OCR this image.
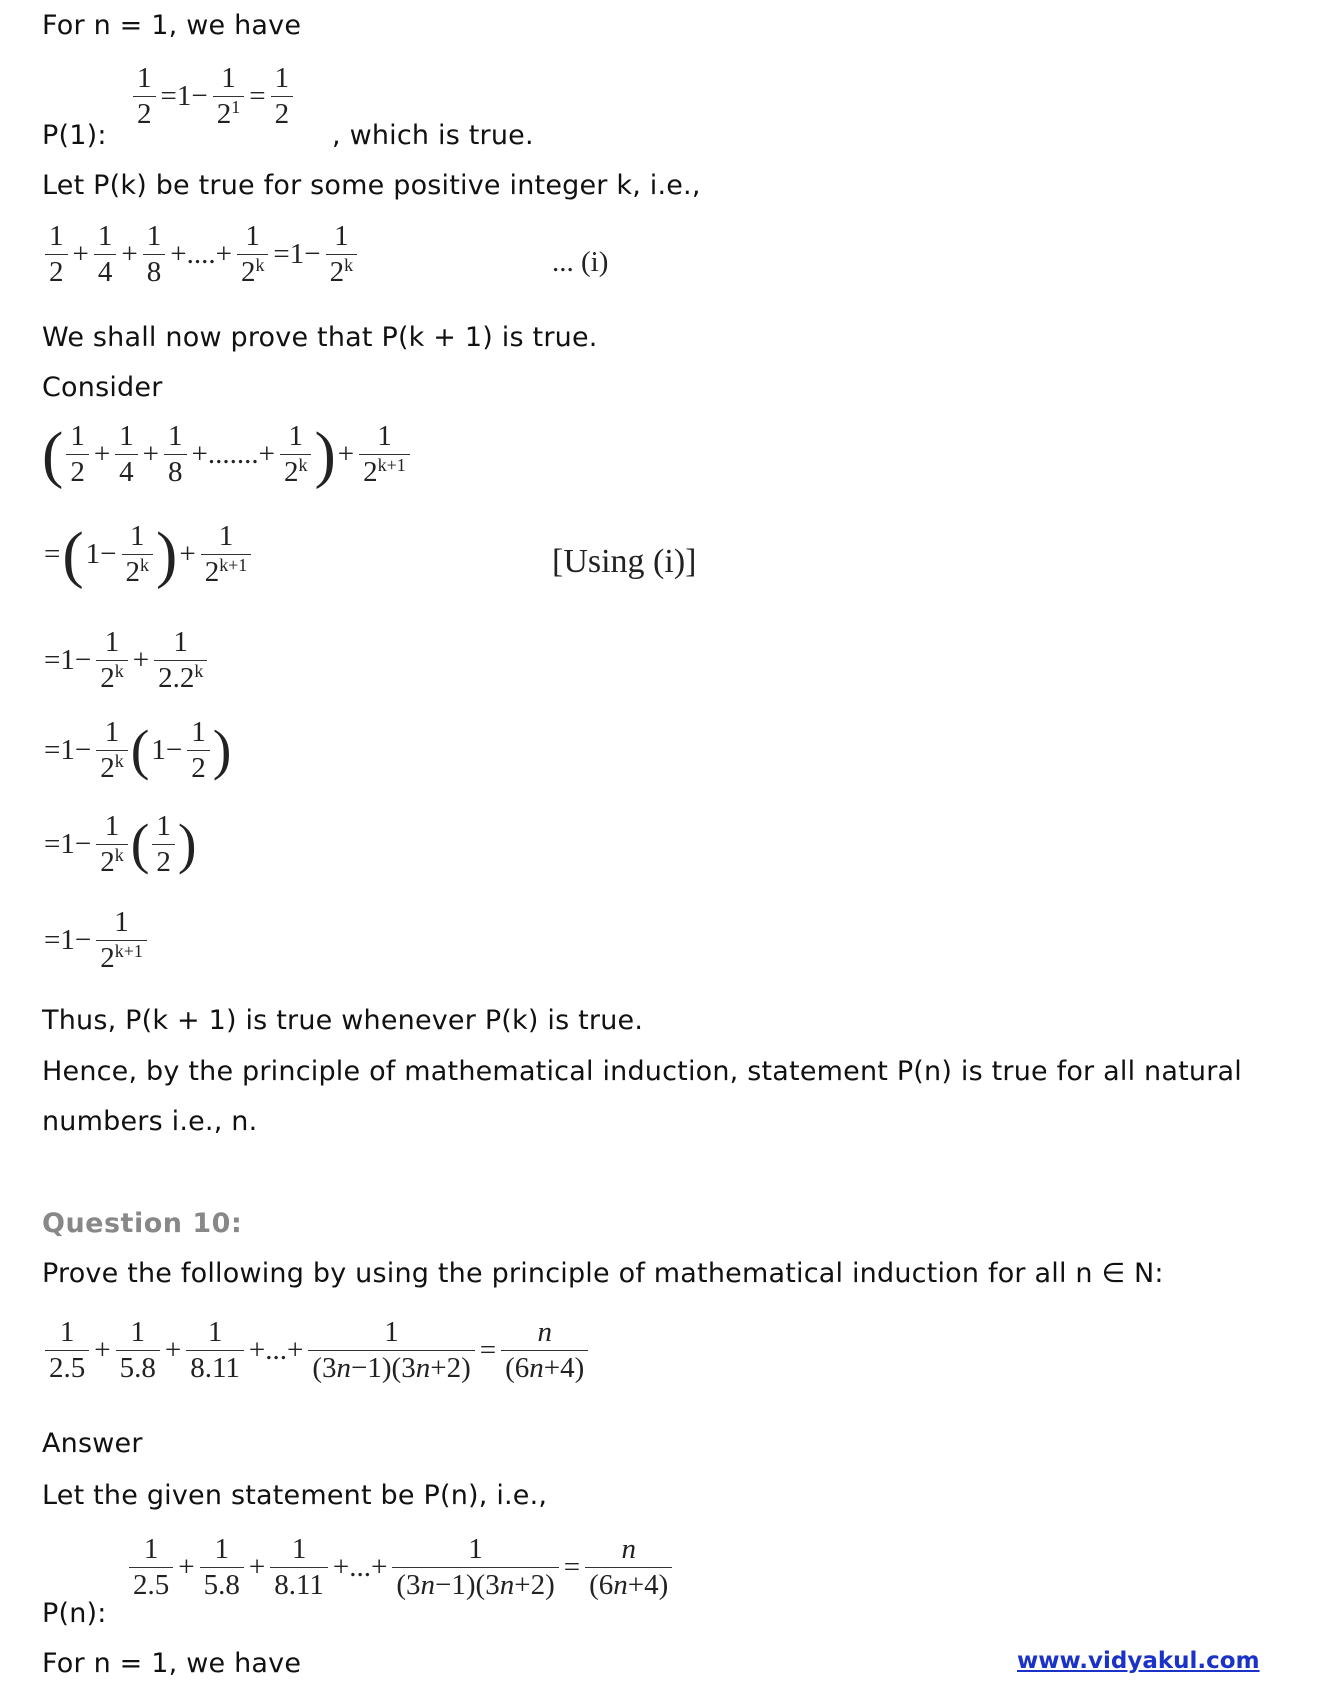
For n = 1, we have
$\frac{1}{2} =1- \frac{1}{2^1} = \frac{1}{2}$
P(1):	, which is true.
Let P(k) be true for some positive integer k, i.e.,
$\frac{1}{2} + \frac{1}{4} + \frac{1}{8}$ +....+ $\frac{1}{2^k} =1- \frac{1}{2^k}$	... (i)
We shall now prove that P(k + 1) is true.
Consider
( $\frac{1}{2} + \frac{1}{4} + \frac{1}{8}$ +.......+ $\frac{1}{2^k}$ )+ $\frac{1}{2^{k+1}}$
$=(1- \frac{1}{2^k}$ )+ $\frac{1}{2^{k+1}}$	[Using (i)]
$=1- \frac{1}{2^k} + \frac{1}{2.2^k}$
$=1- \frac{1}{2^k} (1- \frac{1}{2}$ )
$=1- \frac{1}{2^k}$ ( $\frac{1}{2}$ )
$=1- \frac{1}{2^{k+1}}$
Thus, P(k + 1) is true whenever P(k) is true.
Hence, by the principle of mathematical induction, statement P(n) is true for all natural
numbers i.e., n.
Question 10:
Prove the following by using the principle of mathematical induction for all n ∈ N:
$\frac{1}{2.5} + \frac{1}{5.8} + \frac{1}{8.11}$ +...+ $\frac{1}{(3n-1)(3n+2)} = \frac{n}{(6n+4)}$
Answer
Let the given statement be P(n), i.e.,
$\frac{1}{2.5} + \frac{1}{5.8} + \frac{1}{8.11}$ +...+ $\frac{1}{(3n-1)(3n+2)} = \frac{n}{(6n+4)}$
P(n):
For n = 1, we have	www.vidyakul.com
